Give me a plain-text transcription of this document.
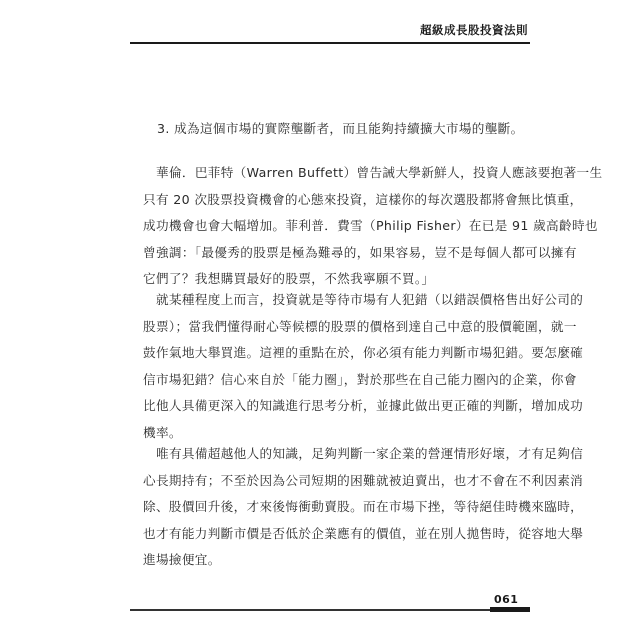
超級成長股投資法則
3. 成為這個市場的實際壟斷者，而且能夠持續擴大市場的壟斷。
華倫．巴菲特（Warren Buffett）曾告誡大學新鮮人，投資人應該要抱著一生
只有 20 次股票投資機會的心態來投資，這樣你的每次選股都將會無比慎重，
成功機會也會大幅增加。菲利普．費雪（Philip Fisher）在已是 91 歲高齡時也
曾強調：「最優秀的股票是極為難尋的，如果容易，豈不是每個人都可以擁有
它們了？我想購買最好的股票，不然我寧願不買。」
就某種程度上而言，投資就是等待市場有人犯錯（以錯誤價格售出好公司的
股票）；當我們懂得耐心等候標的股票的價格到達自己中意的股價範圍，就一
鼓作氣地大舉買進。這裡的重點在於，你必須有能力判斷市場犯錯。要怎麼確
信市場犯錯？信心來自於「能力圈」，對於那些在自己能力圈內的企業，你會
比他人具備更深入的知識進行思考分析，並據此做出更正確的判斷，增加成功
機率。
唯有具備超越他人的知識，足夠判斷一家企業的營運情形好壞，才有足夠信
心長期持有；不至於因為公司短期的困難就被迫賣出，也才不會在不利因素消
除、股價回升後，才來後悔衝動賣股。而在市場下挫，等待絕佳時機來臨時，
也才有能力判斷市價是否低於企業應有的價值，並在別人拋售時，從容地大舉
進場撿便宜。
061
